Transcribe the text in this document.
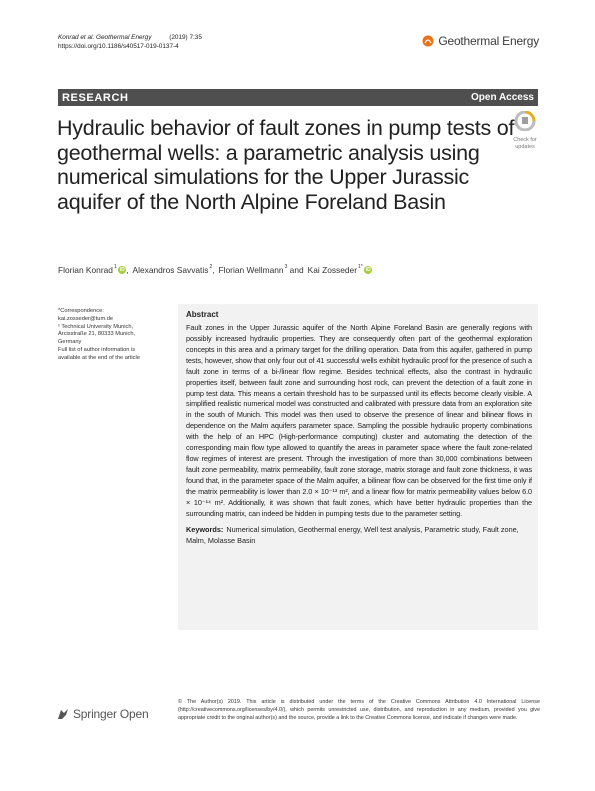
Konrad et al. Geothermal Energy	(2019) 7:35
https://doi.org/10.1186/s40517-019-0137-4	Geothermal Energy
RESEARCH	Open Access
Hydraulic behavior of fault zones in pump tests of geothermal wells: a parametric analysis using numerical simulations for the Upper Jurassic aquifer of the North Alpine Foreland Basin
Check for
updates
Florian Konrad$^1$ iD , Alexandros Savvatis$^2$ , Florian Wellmann$^3$ and Kai Zosseder$^{1*}$ iD

*Correspondence:

kai.zosseder@tum.de

¹ Technical University Munich, Arcisstraße 21, 80333 Munich, Germany

Full list of author information is available at the end of the article

Abstract

Fault zones in the Upper Jurassic aquifer of the North Alpine Foreland Basin are generally regions with possibly increased hydraulic properties. They are consequently often part of the geothermal exploration concepts in this area and a primary target for the drilling operation. Data from this aquifer, gathered in pump tests, however, show that only four out of 41 successful wells exhibit hydraulic proof for the presence of such a fault zone in terms of a bi-/linear flow regime. Besides technical effects, also the contrast in hydraulic properties itself, between fault zone and surrounding host rock, can prevent the detection of a fault zone in pump test data. This means a certain threshold has to be surpassed until its effects become clearly visible. A simplified realistic numerical model was constructed and calibrated with pressure data from an exploration site in the south of Munich. This model was then used to observe the presence of linear and bilinear flows in dependence on the Malm aquifers parameter space. Sampling the possible hydraulic property combinations with the help of an HPC (High-performance computing) cluster and automating the detection of the corresponding main flow type allowed to quantify the areas in parameter space where the fault zone-related flow regimes of interest are present. Through the investigation of more than 30,000 combinations between fault zone permeability, matrix permeability, fault zone storage, matrix storage and fault zone thickness, it was found that, in the parameter space of the Malm aquifer, a bilinear flow can be observed for the first time only if the matrix permeability is lower than 2.0 × 10⁻¹³ m², and a linear flow for matrix permeability values below 6.0 × 10⁻¹⁴ m². Additionally, it was shown that fault zones, which have better hydraulic properties than the surrounding matrix, can indeed be hidden in pumping tests due to the parameter setting.

Keywords: Numerical simulation, Geothermal energy, Well test analysis, Parametric study, Fault zone, Malm, Molasse Basin
Springer Open

© The Author(s) 2019. This article is distributed under the terms of the Creative Commons Attribution 4.0 International License (http://creativecommons.org/licenses/by/4.0/), which permits unrestricted use, distribution, and reproduction in any medium, provided you give appropriate credit to the original author(s) and the source, provide a link to the Creative Commons license, and indicate if changes were made.
